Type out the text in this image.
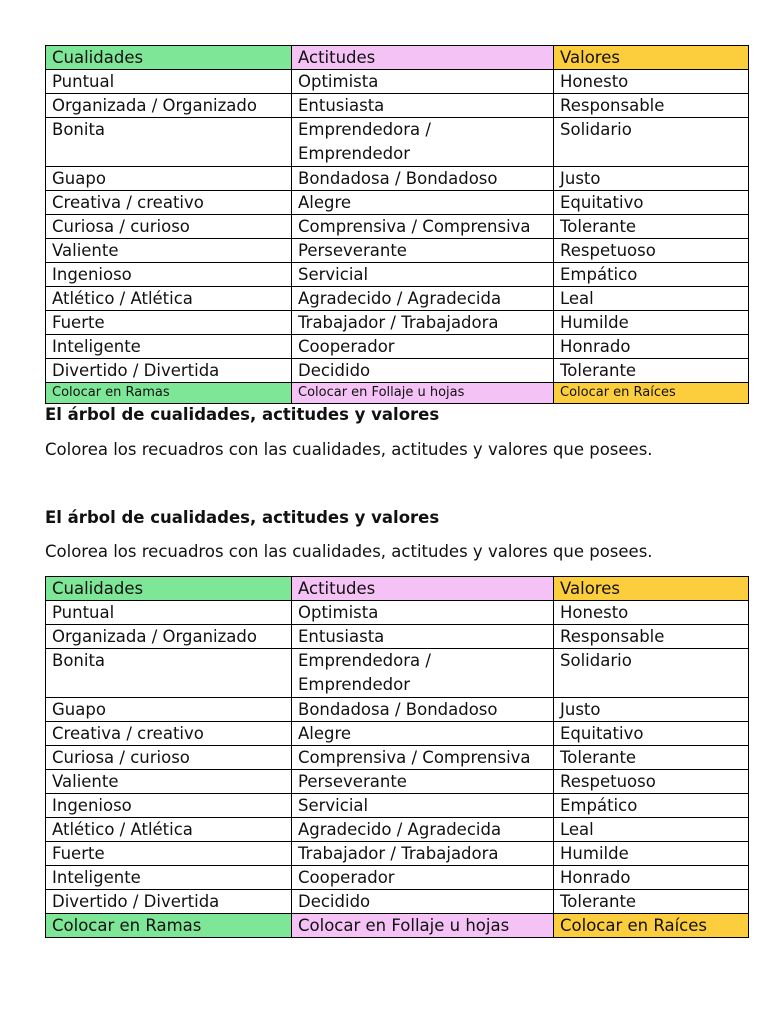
Cualidades	Actitudes	Valores
Puntual	Optimista	Honesto
Organizada / Organizado	Entusiasta	Responsable
Bonita	Emprendedora / Emprendedor	Solidario
Guapo	Bondadosa / Bondadoso	Justo
Creativa / creativo	Alegre	Equitativo
Curiosa / curioso	Comprensiva / Comprensiva	Tolerante
Valiente	Perseverante	Respetuoso
Ingenioso	Servicial	Empático
Atlético / Atlética	Agradecido / Agradecida	Leal
Fuerte	Trabajador / Trabajadora	Humilde
Inteligente	Cooperador	Honrado
Divertido / Divertida	Decidido	Tolerante
Colocar en Ramas	Colocar en Follaje u hojas	Colocar en Raíces

El árbol de cualidades, actitudes y valores

Colorea los recuadros con las cualidades, actitudes y valores que posees.

El árbol de cualidades, actitudes y valores

Colorea los recuadros con las cualidades, actitudes y valores que posees.

Cualidades	Actitudes	Valores
Puntual	Optimista	Honesto
Organizada / Organizado	Entusiasta	Responsable
Bonita	Emprendedora / Emprendedor	Solidario
Guapo	Bondadosa / Bondadoso	Justo
Creativa / creativo	Alegre	Equitativo
Curiosa / curioso	Comprensiva / Comprensiva	Tolerante
Valiente	Perseverante	Respetuoso
Ingenioso	Servicial	Empático
Atlético / Atlética	Agradecido / Agradecida	Leal
Fuerte	Trabajador / Trabajadora	Humilde
Inteligente	Cooperador	Honrado
Divertido / Divertida	Decidido	Tolerante
Colocar en Ramas	Colocar en Follaje u hojas	Colocar en Raíces
